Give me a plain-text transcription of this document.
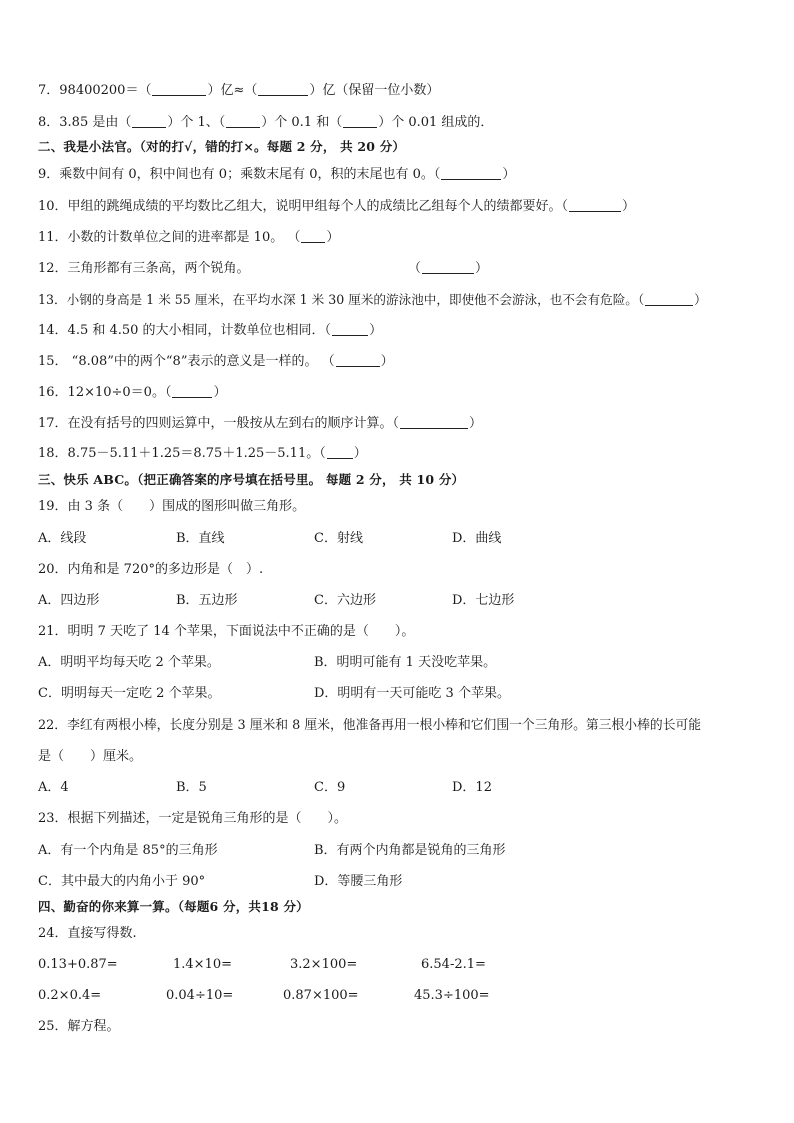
7．98400200＝（	）亿≈（	）亿（保留一位小数）
8．3.85 是由（	）个 1、（	）个 0.1 和（	）个 0.01 组成的．
二、我是小法官。（对的打√，错的打×。每题 2 分， 共 20 分）
9．乘数中间有 0，积中间也有 0；乘数末尾有 0，积的末尾也有 0。（	）
10．甲组的跳绳成绩的平均数比乙组大，说明甲组每个人的成绩比乙组每个人的绩都要好。（	）
11．小数的计数单位之间的进率都是 10。 （ ）
12．三角形都有三条高，两个锐角。	（	）
13．小钢的身高是 1 米 55 厘米，在平均水深 1 米 30 厘米的游泳池中，即使他不会游泳，也不会有危险。（	）
14．4.5 和 4.50 的大小相同，计数单位也相同．（	）
15． “8.08”中的两个“8”表示的意义是一样的。 （	）
16．12×10÷0＝0。（	）
17．在没有括号的四则运算中，一般按从左到右的顺序计算。（	）
18．8.75－5.11＋1.25＝8.75＋1.25－5.11。（ ）
三、快乐 ABC。（把正确答案的序号填在括号里。 每题 2 分， 共 10 分）
19．由 3 条（　　）围成的图形叫做三角形。
A．线段	B．直线	C．射线	D．曲线
20．内角和是 720°的多边形是（　）.
A．四边形	B．五边形	C．六边形	D．七边形
21．明明 7 天吃了 14 个苹果，下面说法中不正确的是（　　）。
A．明明平均每天吃 2 个苹果。	B．明明可能有 1 天没吃苹果。
C．明明每天一定吃 2 个苹果。	D．明明有一天可能吃 3 个苹果。
22．李红有两根小棒，长度分别是 3 厘米和 8 厘米，他准备再用一根小棒和它们围一个三角形。第三根小棒的长可能
是（　　）厘米。
A．4	B．5	C．9	D．12
23．根据下列描述，一定是锐角三角形的是（　　）。
A．有一个内角是 85°的三角形	B．有两个内角都是锐角的三角形
C．其中最大的内角小于 90°	D．等腰三角形
四、勤奋的你来算一算。（每题6 分，共18 分）
24．直接写得数.
0.13+0.87=	1.4×10=	3.2×100=	6.54-2.1=
0.2×0.4=	0.04÷10=	0.87×100=	45.3÷100=
25．解方程。
